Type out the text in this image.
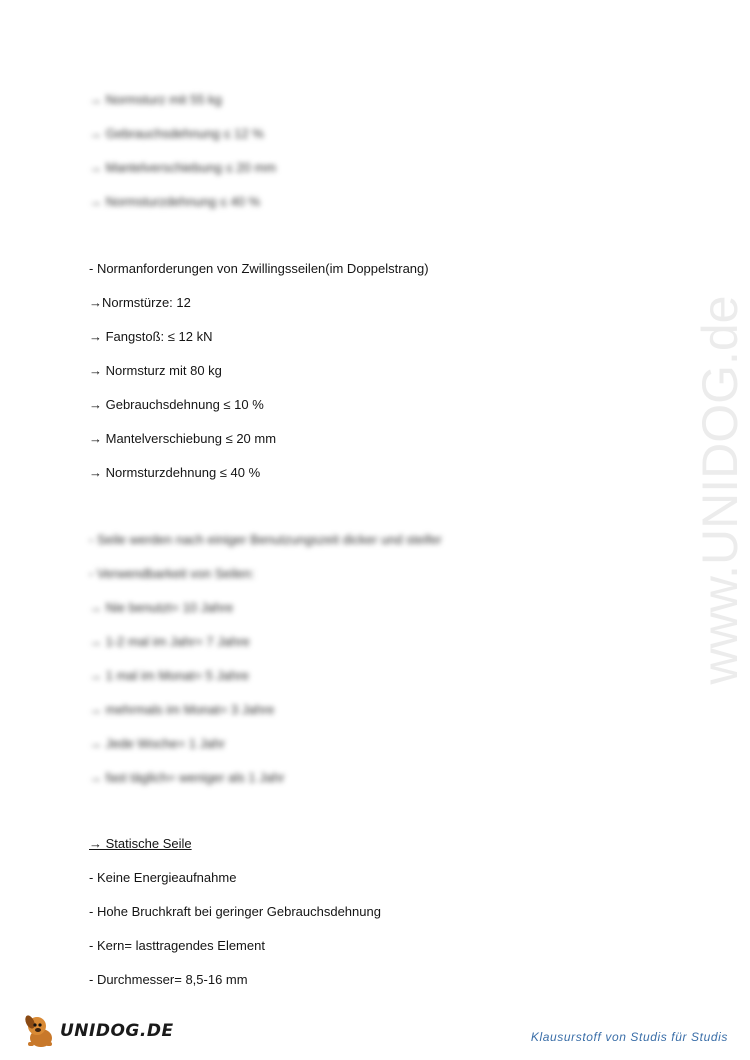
www.UNIDOG.de
→ Normsturz mit 55 kg
→ Gebrauchsdehnung ≤ 12 %
→ Mantelverschiebung ≤ 20 mm
→ Normsturzdehnung ≤ 40 %
- Normanforderungen von Zwillingsseilen(im Doppelstrang)
→Normstürze: 12
→ Fangstoß: ≤ 12 kN
→ Normsturz mit 80 kg
→ Gebrauchsdehnung ≤ 10 %
→ Mantelverschiebung ≤ 20 mm
→ Normsturzdehnung ≤ 40 %
- Seile werden nach einiger Benutzungszeit dicker und steifer
- Verwendbarkeit von Seilen:
→ Nie benutzt= 10 Jahre
→ 1-2 mal im Jahr= 7 Jahre
→ 1 mal im Monat= 5 Jahre
→ mehrmals im Monat= 3 Jahre
→ Jede Woche= 1 Jahr
→ fast täglich= weniger als 1 Jahr
→ Statische Seile
- Keine Energieaufnahme
- Hohe Bruchkraft bei geringer Gebrauchsdehnung
- Kern= lasttragendes Element
- Durchmesser= 8,5-16 mm
UNIDOG.DE	Klausurstoff von Studis für Studis
